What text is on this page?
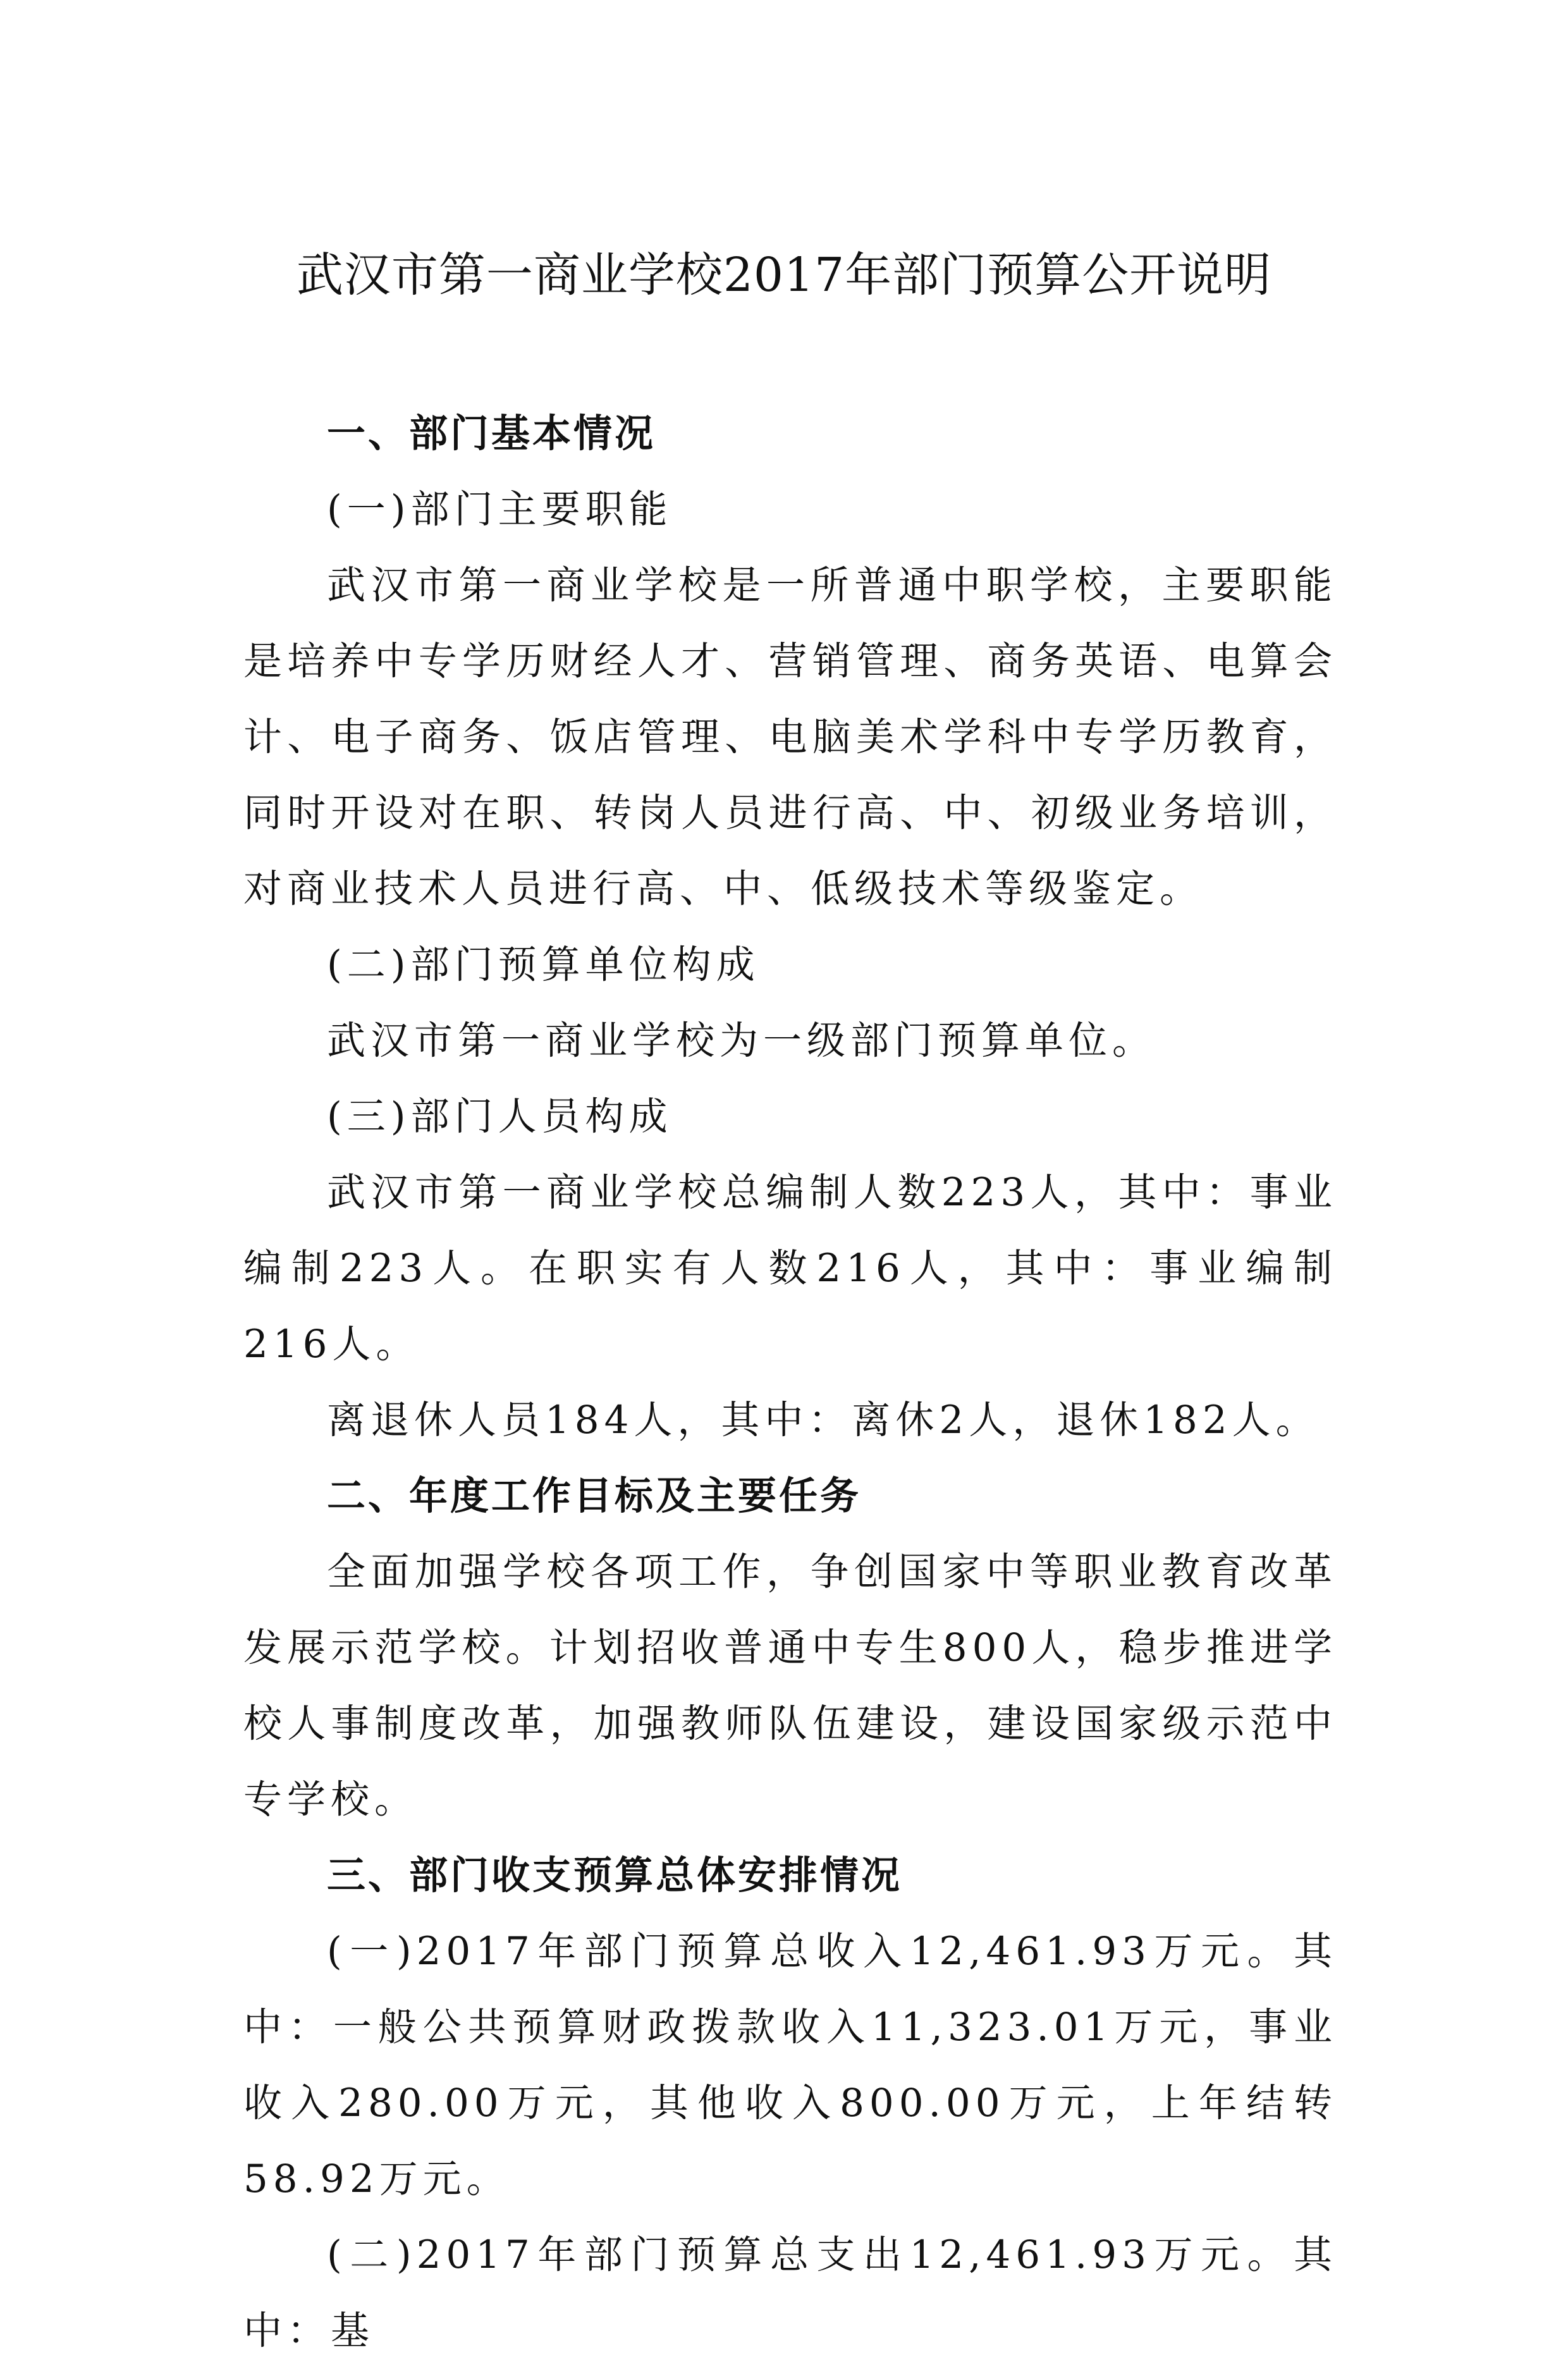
武汉市第一商业学校2017年部门预算公开说明

一、部门基本情况

(一)部门主要职能

武汉市第一商业学校是一所普通中职学校，主要职能是培养中专学历财经人才、营销管理、商务英语、电算会计、电子商务、饭店管理、电脑美术学科中专学历教育，同时开设对在职、转岗人员进行高、中、初级业务培训，对商业技术人员进行高、中、低级技术等级鉴定。

(二)部门预算单位构成

武汉市第一商业学校为一级部门预算单位。

(三)部门人员构成

武汉市第一商业学校总编制人数223人，其中：事业编制223人。在职实有人数216人，其中：事业编制216人。

离退休人员184人，其中：离休2人，退休182人。

二、年度工作目标及主要任务

全面加强学校各项工作，争创国家中等职业教育改革发展示范学校。计划招收普通中专生800人，稳步推进学校人事制度改革，加强教师队伍建设，建设国家级示范中专学校。

三、部门收支预算总体安排情况

(一)2017年部门预算总收入12,461.93万元。其中：一般公共预算财政拨款收入11,323.01万元，事业收入280.00万元，其他收入800.00万元，上年结转58.92万元。

(二)2017年部门预算总支出12,461.93万元。其中：基
